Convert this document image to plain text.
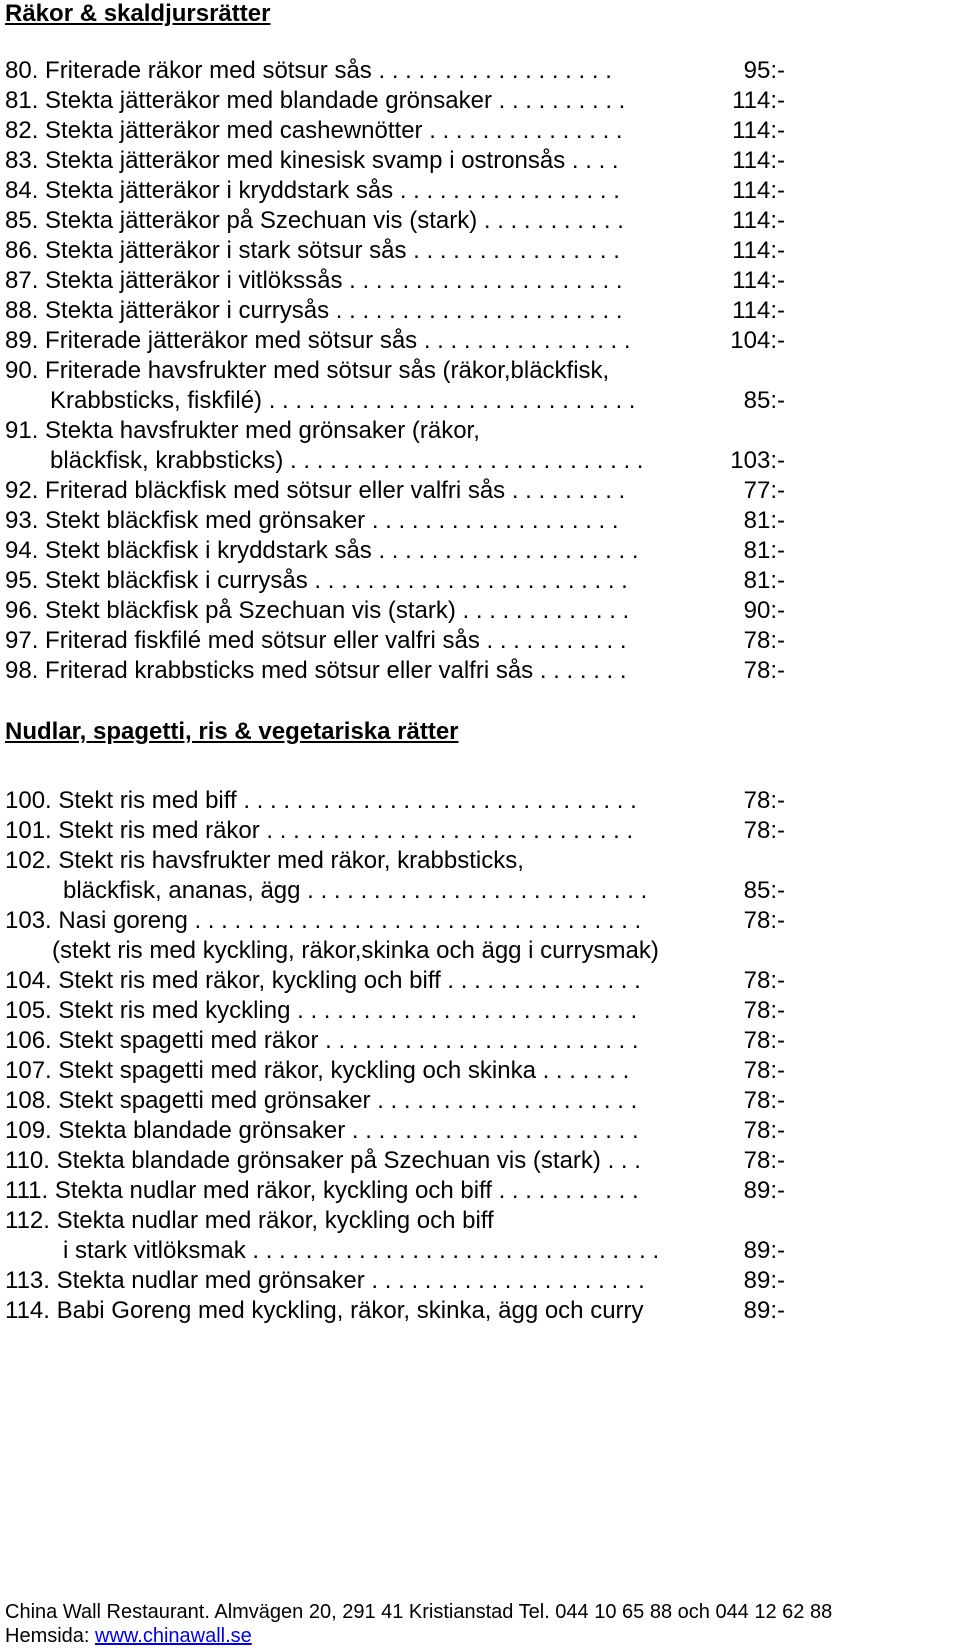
Räkor & skaldjursrätter
80. Friterade räkor med sötsur sås . . . . . . . . . . . . . . . . . .	95:-
81. Stekta jätteräkor med blandade grönsaker . . . . . . . . . .	114:-
82. Stekta jätteräkor med cashewnötter . . . . . . . . . . . . . . .	114:-
83. Stekta jätteräkor med kinesisk svamp i ostronsås . . . .	114:-
84. Stekta jätteräkor i kryddstark sås . . . . . . . . . . . . . . . . .	114:-
85. Stekta jätteräkor på Szechuan vis (stark) . . . . . . . . . . .	114:-
86. Stekta jätteräkor i stark sötsur sås . . . . . . . . . . . . . . . .	114:-
87. Stekta jätteräkor i vitlökssås . . . . . . . . . . . . . . . . . . . . .	114:-
88. Stekta jätteräkor i currysås . . . . . . . . . . . . . . . . . . . . . .	114:-
89. Friterade jätteräkor med sötsur sås . . . . . . . . . . . . . . . .	104:-
90. Friterade havsfrukter med sötsur sås (räkor,bläckfisk,
Krabbsticks, fiskfilé) . . . . . . . . . . . . . . . . . . . . . . . . . . . .	85:-
91. Stekta havsfrukter med grönsaker (räkor,
bläckfisk, krabbsticks) . . . . . . . . . . . . . . . . . . . . . . . . . . .	103:-
92. Friterad bläckfisk med sötsur eller valfri sås . . . . . . . . .	77:-
93. Stekt bläckfisk med grönsaker . . . . . . . . . . . . . . . . . . .	81:-
94. Stekt bläckfisk i kryddstark sås . . . . . . . . . . . . . . . . . . . .	81:-
95. Stekt bläckfisk i currysås . . . . . . . . . . . . . . . . . . . . . . . .	81:-
96. Stekt bläckfisk på Szechuan vis (stark) . . . . . . . . . . . . .	90:-
97. Friterad fiskfilé med sötsur eller valfri sås . . . . . . . . . . .	78:-
98. Friterad krabbsticks med sötsur eller valfri sås . . . . . . .	78:-
Nudlar, spagetti, ris & vegetariska rätter
100. Stekt ris med biff . . . . . . . . . . . . . . . . . . . . . . . . . . . . . .	78:-
101. Stekt ris med räkor . . . . . . . . . . . . . . . . . . . . . . . . . . . .	78:-
102. Stekt ris havsfrukter med räkor, krabbsticks,
bläckfisk, ananas, ägg . . . . . . . . . . . . . . . . . . . . . . . . . .	85:-
103. Nasi goreng . . . . . . . . . . . . . . . . . . . . . . . . . . . . . . . . . .	78:-
(stekt ris med kyckling, räkor,skinka och ägg i currysmak)
104. Stekt ris med räkor, kyckling och biff . . . . . . . . . . . . . . .	78:-
105. Stekt ris med kyckling . . . . . . . . . . . . . . . . . . . . . . . . . .	78:-
106. Stekt spagetti med räkor . . . . . . . . . . . . . . . . . . . . . . . .	78:-
107. Stekt spagetti med räkor, kyckling och skinka . . . . . . .	78:-
108. Stekt spagetti med grönsaker . . . . . . . . . . . . . . . . . . . .	78:-
109. Stekta blandade grönsaker . . . . . . . . . . . . . . . . . . . . . .	78:-
110. Stekta blandade grönsaker på Szechuan vis (stark) . . .	78:-
111. Stekta nudlar med räkor, kyckling och biff . . . . . . . . . . .	89:-
112. Stekta nudlar med räkor, kyckling och biff
i stark vitlöksmak . . . . . . . . . . . . . . . . . . . . . . . . . . . . . . .	89:-
113. Stekta nudlar med grönsaker . . . . . . . . . . . . . . . . . . . . .	89:-
114. Babi Goreng med kyckling, räkor, skinka, ägg och curry	89:-
China Wall Restaurant. Almvägen 20, 291 41 Kristianstad Tel. 044 10 65 88 och 044 12 62 88
Hemsida: www.chinawall.se
